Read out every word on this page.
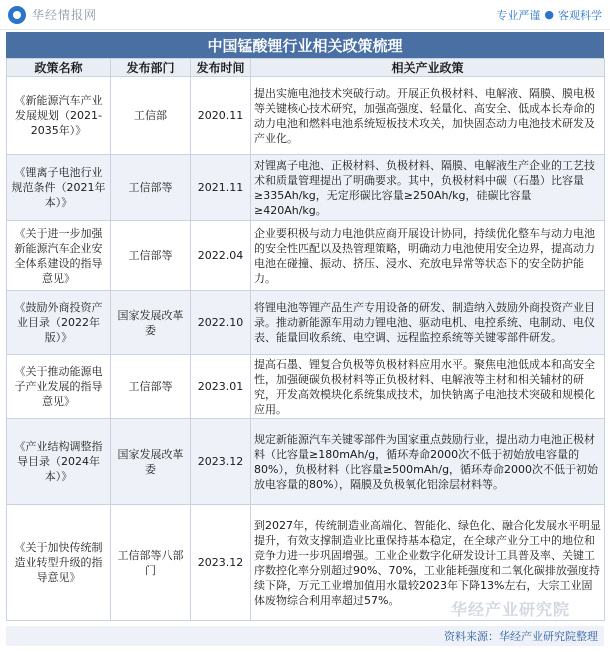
华经情报网	专业严谨 ● 客观科学
中国锰酸锂行业相关政策梳理
政策名称	发布部门	发布时间	相关产业政策
《新能源汽车产业发展规划（2021-2035年）》	工信部	2020.11	提出实施电池技术突破行动。开展正负极材料、电解液、隔膜、膜电极等关键核心技术研究，加强高强度、轻量化、高安全、低成本长寿命的动力电池和燃料电池系统短板技术攻关，加快固态动力电池技术研发及产业化。
《锂离子电池行业规范条件（2021年本）》	工信部等	2021.11	对锂离子电池、正极材料、负极材料、隔膜、电解液生产企业的工艺技术和质量管理提出了明确要求。其中，负极材料中碳（石墨）比容量≥335Ah/kg，无定形碳比容量≥250Ah/kg，硅碳比容量≥420Ah/kg。
《关于进一步加强新能源汽车企业安全体系建设的指导意见》	工信部等	2022.04	企业要积极与动力电池供应商开展设计协同，持续优化整车与动力电池的安全性匹配以及热管理策略，明确动力电池使用安全边界，提高动力电池在碰撞、振动、挤压、浸水、充放电异常等状态下的安全防护能力。
《鼓励外商投资产业目录（2022年版）》	国家发展改革委	2022.10	将锂电池等锂产品生产专用设备的研发、制造纳入鼓励外商投资产业目录。推动新能源车用动力锂电池、驱动电机、电控系统、电制动、电仪表、能量回收系统、电空调、远程监控系统等关键零部件研发。
《关于推动能源电子产业发展的指导意见》	工信部等	2023.01	提高石墨、锂复合负极等负极材料应用水平。聚焦电池低成本和高安全性，加强硬碳负极材料等正负极材料、电解液等主材和相关辅材的研究，开发高效模块化系统集成技术，加快钠离子电池技术突破和规模化应用。
《产业结构调整指导目录（2024年本）》	国家发展改革委	2023.12	规定新能源汽车关键零部件为国家重点鼓励行业，提出动力电池正极材料（比容量≥180mAh/g，循环寿命2000次不低于初始放电容量的80%），负极材料（比容量≥500mAh/g，循环寿命2000次不低于初始放电容量的80%），隔膜及负极氧化铝涂层材料等。
《关于加快传统制造业转型升级的指导意见》	工信部等八部门	2023.12	到2027年，传统制造业高端化、智能化、绿色化、融合化发展水平明显提升，有效支撑制造业比重保持基本稳定，在全球产业分工中的地位和竞争力进一步巩固增强。工业企业数字化研发设计工具普及率、关键工序数控化率分别超过90%、70%，工业能耗强度和二氧化碳排放强度持续下降，万元工业增加值用水量较2023年下降13%左右，大宗工业固体废物综合利用率超过57%。	华经产业研究院
资料来源：华经产业研究院整理
